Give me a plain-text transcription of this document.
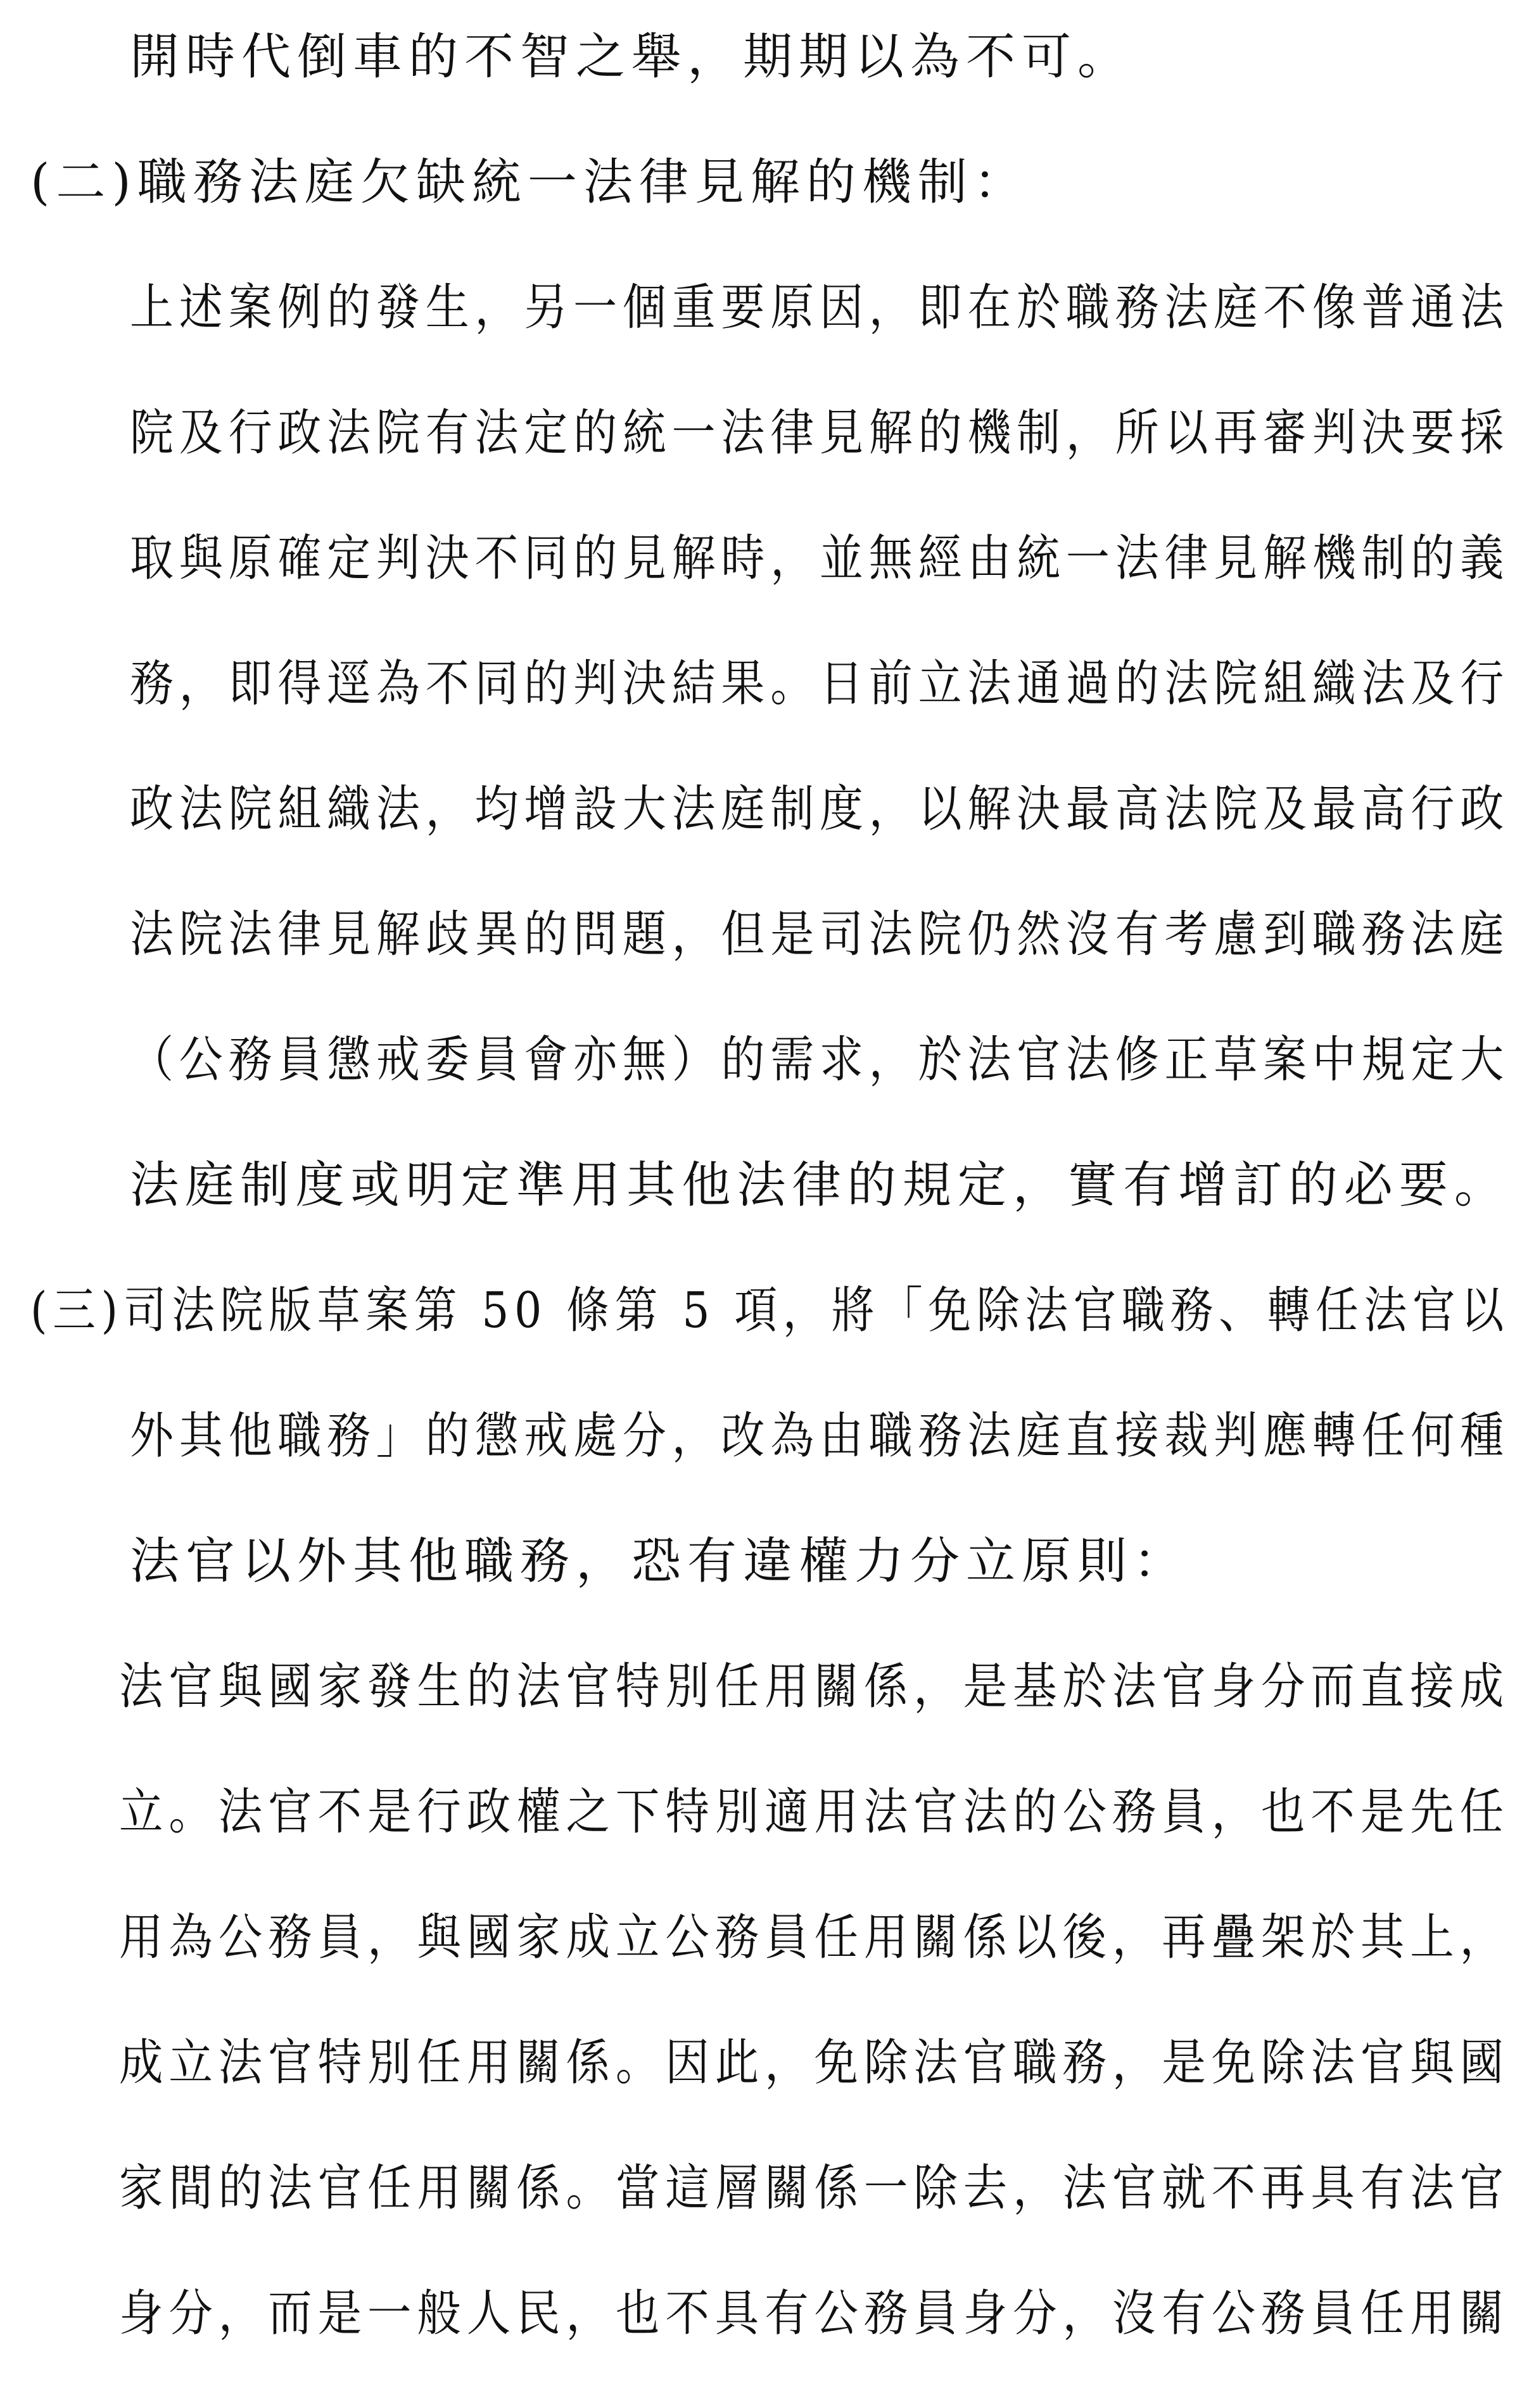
開時代倒車的不智之舉，期期以為不可。
(二)職務法庭欠缺統一法律見解的機制：
上述案例的發生，另一個重要原因，即在於職務法庭不像普通法
院及行政法院有法定的統一法律見解的機制，所以再審判決要採
取與原確定判決不同的見解時，並無經由統一法律見解機制的義
務，即得逕為不同的判決結果。日前立法通過的法院組織法及行
政法院組織法，均增設大法庭制度，以解決最高法院及最高行政
法院法律見解歧異的問題，但是司法院仍然沒有考慮到職務法庭
（公務員懲戒委員會亦無）的需求，於法官法修正草案中規定大
法庭制度或明定準用其他法律的規定，實有增訂的必要。
(三)司法院版草案第 50 條第 5 項，將「免除法官職務、轉任法官以
外其他職務」的懲戒處分，改為由職務法庭直接裁判應轉任何種
法官以外其他職務，恐有違權力分立原則：
法官與國家發生的法官特別任用關係，是基於法官身分而直接成
立。法官不是行政權之下特別適用法官法的公務員，也不是先任
用為公務員，與國家成立公務員任用關係以後，再疊架於其上，
成立法官特別任用關係。因此，免除法官職務，是免除法官與國
家間的法官任用關係。當這層關係一除去，法官就不再具有法官
身分，而是一般人民，也不具有公務員身分，沒有公務員任用關
